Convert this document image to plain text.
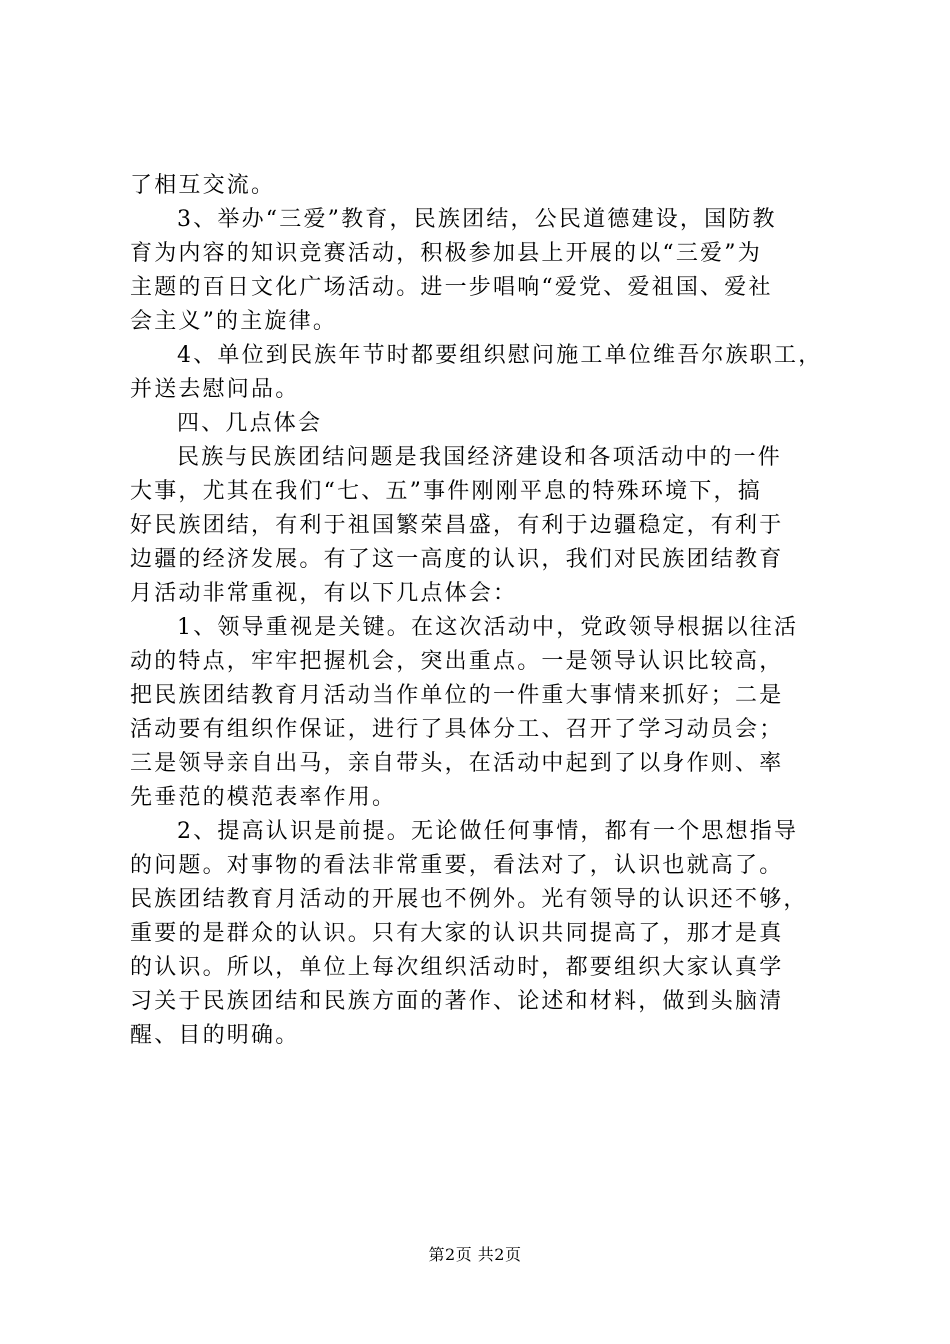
了相互交流。
3、举办“三爱”教育，民族团结，公民道德建设，国防教
育为内容的知识竞赛活动，积极参加县上开展的以“三爱”为
主题的百日文化广场活动。进一步唱响“爱党、爱祖国、爱社
会主义”的主旋律。
4、单位到民族年节时都要组织慰问施工单位维吾尔族职工，
并送去慰问品。
四、几点体会
民族与民族团结问题是我国经济建设和各项活动中的一件
大事，尤其在我们“七、五”事件刚刚平息的特殊环境下，搞
好民族团结，有利于祖国繁荣昌盛，有利于边疆稳定，有利于
边疆的经济发展。有了这一高度的认识，我们对民族团结教育
月活动非常重视，有以下几点体会：
1、领导重视是关键。在这次活动中，党政领导根据以往活
动的特点，牢牢把握机会，突出重点。一是领导认识比较高，
把民族团结教育月活动当作单位的一件重大事情来抓好；二是
活动要有组织作保证，进行了具体分工、召开了学习动员会；
三是领导亲自出马，亲自带头，在活动中起到了以身作则、率
先垂范的模范表率作用。
2、提高认识是前提。无论做任何事情，都有一个思想指导
的问题。对事物的看法非常重要，看法对了，认识也就高了。
民族团结教育月活动的开展也不例外。光有领导的认识还不够，
重要的是群众的认识。只有大家的认识共同提高了，那才是真
的认识。所以，单位上每次组织活动时，都要组织大家认真学
习关于民族团结和民族方面的著作、论述和材料，做到头脑清
醒、目的明确。
第2页 共2页
